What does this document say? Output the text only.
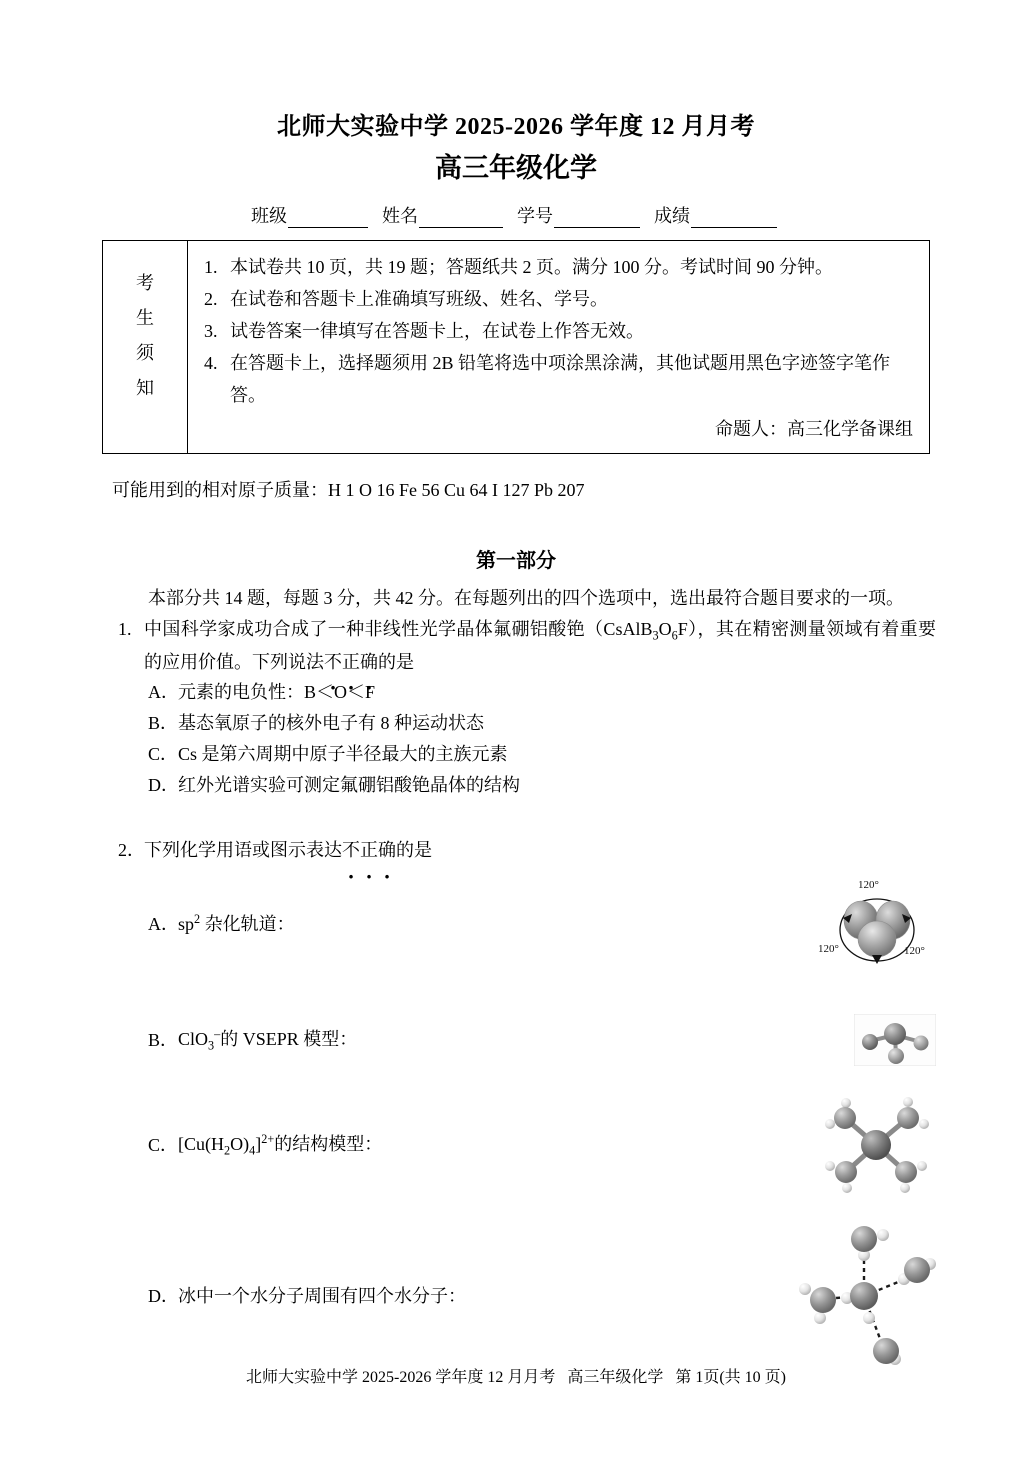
北师大实验中学 2025-2026 学年度 12 月月考
高三年级化学
班级	姓名	学号	成绩
考
生
须
知
1. 本试卷共 10 页，共 19 题；答题纸共 2 页。满分 100 分。考试时间 90 分钟。
2. 在试卷和答题卡上准确填写班级、姓名、学号。
3. 试卷答案一律填写在答题卡上，在试卷上作答无效。
4. 在答题卡上，选择题须用 2B 铅笔将选中项涂黑涂满，其他试题用黑色字迹签字笔作答。
命题人：高三化学备课组
可能用到的相对原子质量：H 1 O 16 Fe 56 Cu 64 I 127 Pb 207
第一部分
本部分共 14 题，每题 3 分，共 42 分。在每题列出的四个选项中，选出最符合题目要求的一项。
1. 中国科学家成功合成了一种非线性光学晶体氟硼铝酸铯$(CsAlB_3O_6F)$，其在精密测量领域有着重要的应用价值。下列说法不正确的是
A． 元素的电负性：B＜O＜F
B． 基态氧原子的核外电子有 8 种运动状态
C． Cs 是第六周期中原子半径最大的主族元素
D． 红外光谱实验可测定氟硼铝酸铯晶体的结构
2． 下列化学用语或图示表达不正确的是
A． $sp^2$ 杂化轨道：
120°
120°	120°
B． ClO$_3$–的 VSEPR 模型：
C． $[Cu(H_2O)_4]^{2+}$的结构模型：
D． 冰中一个水分子周围有四个水分子：
北师大实验中学 2025-2026 学年度 12 月月考   高三年级化学   第 1页(共 10 页)
